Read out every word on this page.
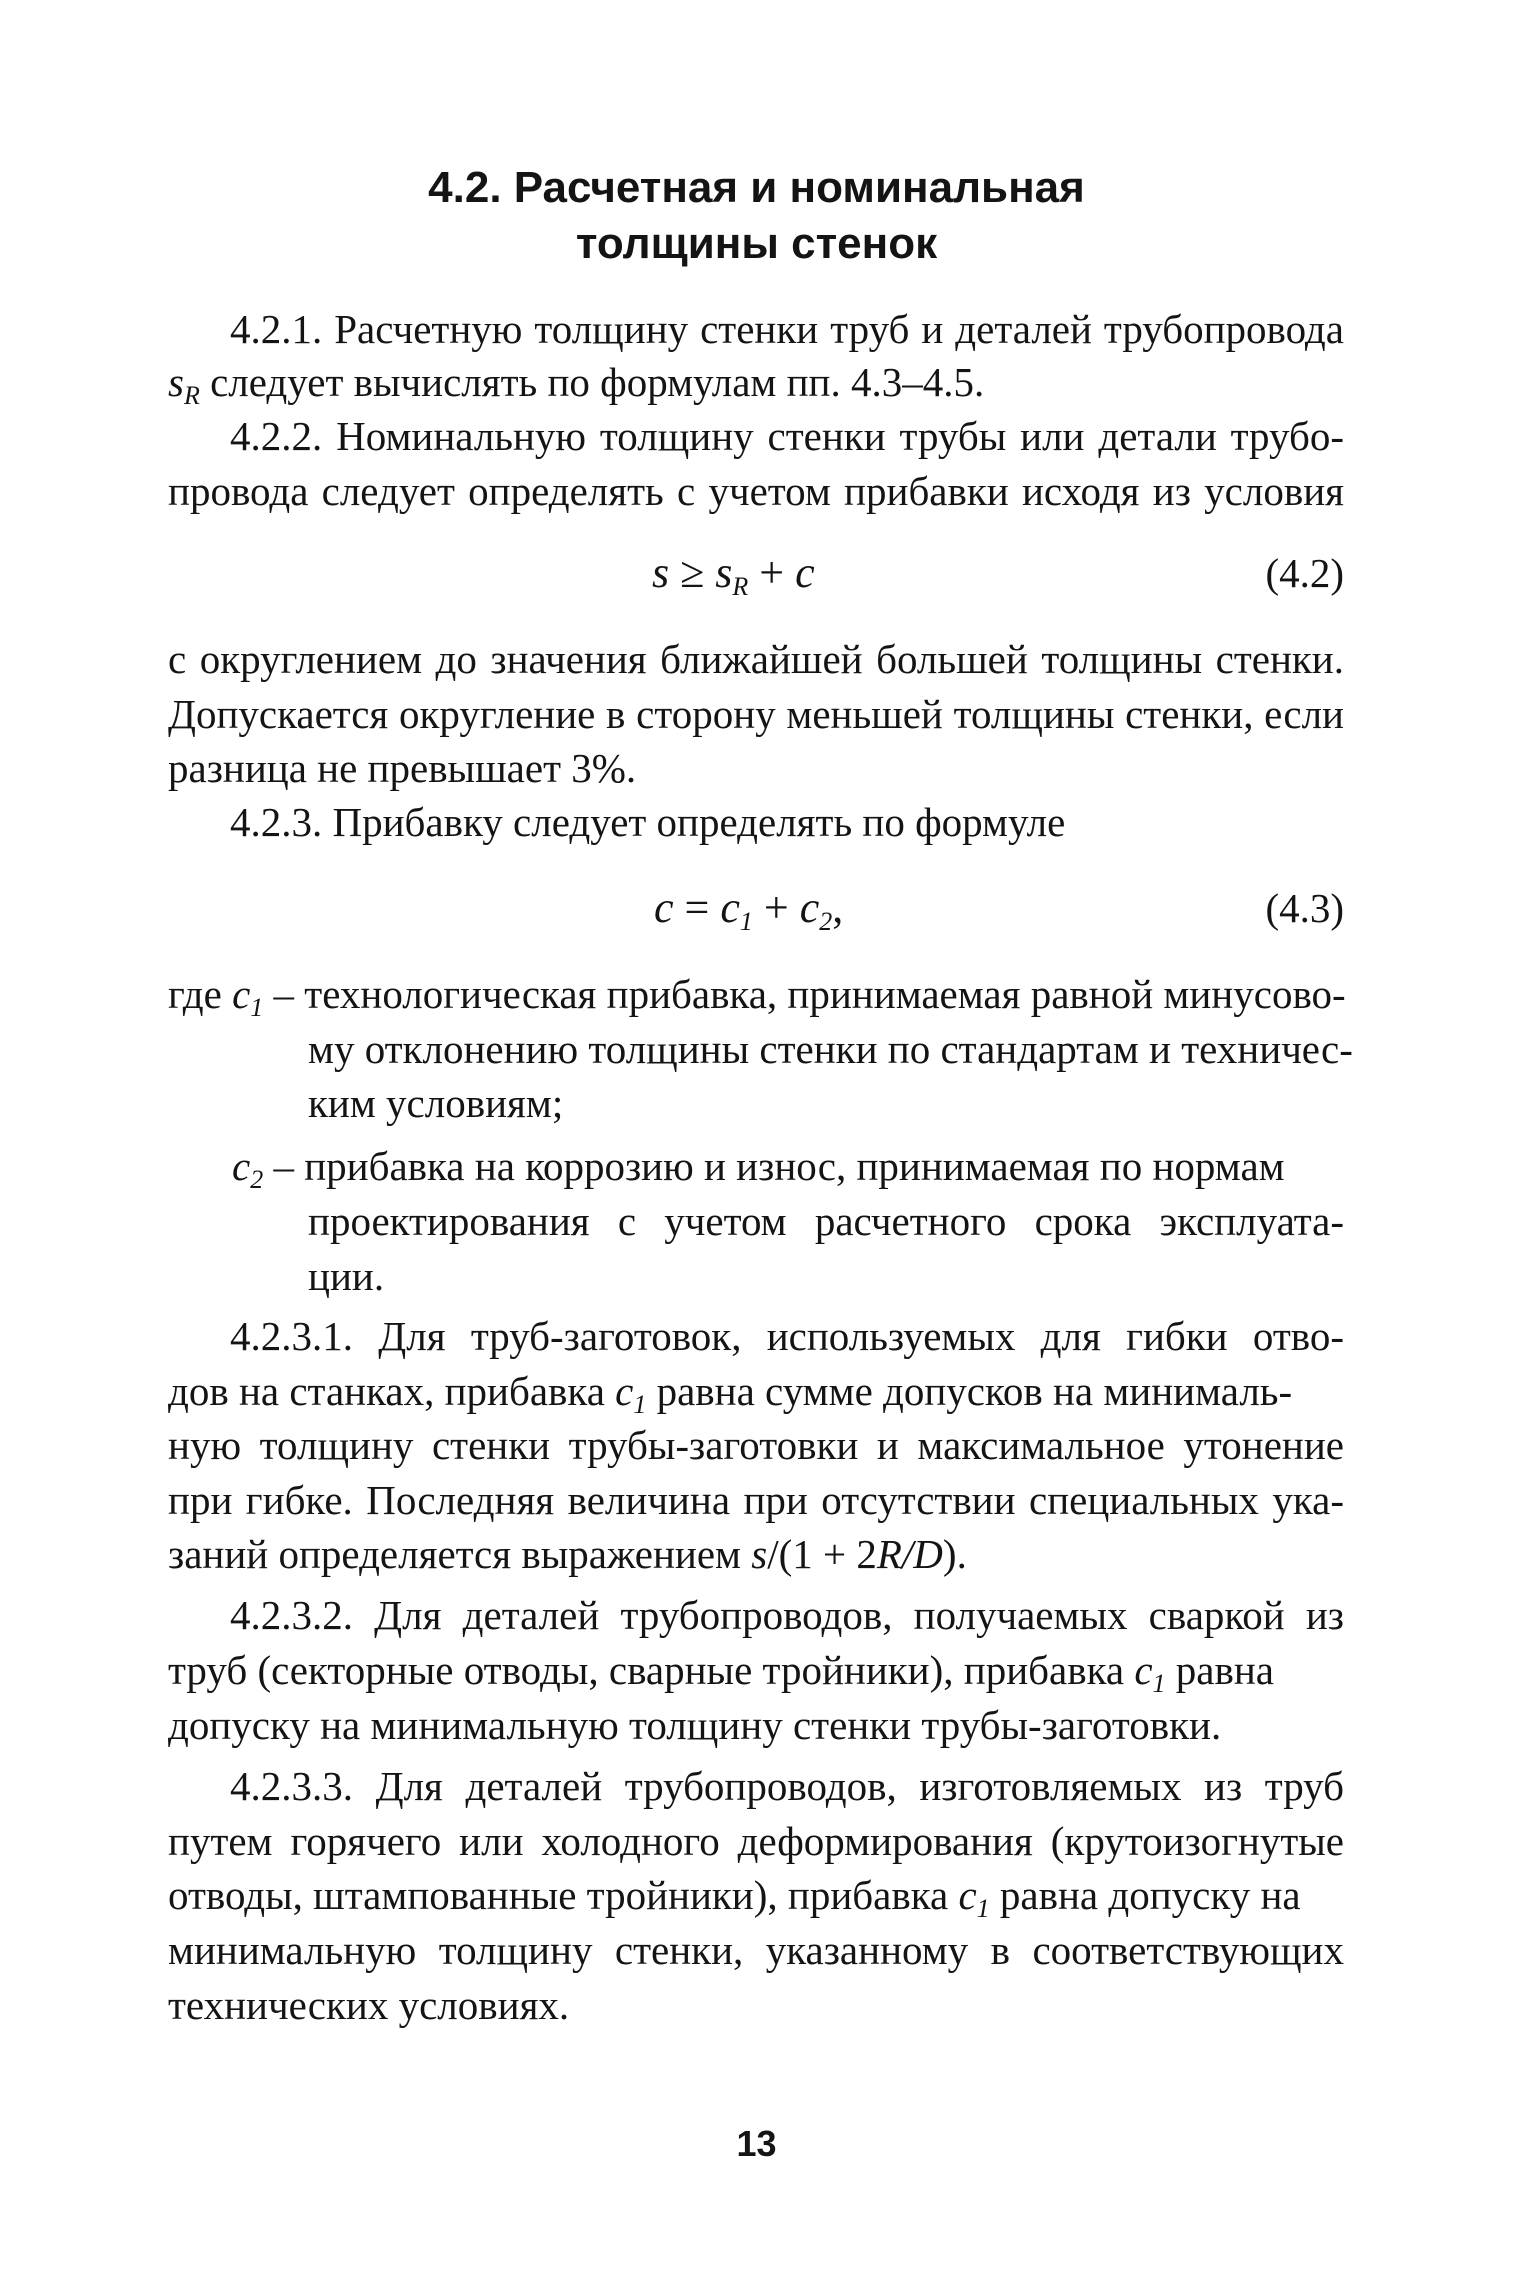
4.2. Расчетная и номинальная
толщины стенок
4.2.1. Расчетную толщину стенки труб и деталей трубопровода
$s_R$ следует вычислять по формулам пп. 4.3–4.5.
4.2.2. Номинальную толщину стенки трубы или детали трубо-
провода следует определять с учетом прибавки исходя из условия
$s \ge s_R + c$	(4.2)
с округлением до значения ближайшей большей толщины стенки.
Допускается округление в сторону меньшей толщины стенки, если
разница не превышает 3%.
4.2.3. Прибавку следует определять по формуле
$c = c_1 + c_2$,	(4.3)
где $c_1$ – технологическая прибавка, принимаемая равной минусово-
му отклонению толщины стенки по стандартам и техничес-
ким условиям;
$c_2$ – прибавка на коррозию и износ, принимаемая по нормам
проектирования с учетом расчетного срока эксплуата-
ции.
4.2.3.1. Для труб-заготовок, используемых для гибки отво-
дов на станках, прибавка $c_1$ равна сумме допусков на минималь-
ную толщину стенки трубы-заготовки и максимальное утонение
при гибке. Последняя величина при отсутствии специальных ука-
заний определяется выражением s/(1 + 2R/D).
4.2.3.2. Для деталей трубопроводов, получаемых сваркой из
труб (секторные отводы, сварные тройники), прибавка $c_1$ равна
допуску на минимальную толщину стенки трубы-заготовки.
4.2.3.3. Для деталей трубопроводов, изготовляемых из труб
путем горячего или холодного деформирования (крутоизогнутые
отводы, штампованные тройники), прибавка $c_1$ равна допуску на
минимальную толщину стенки, указанному в соответствующих
технических условиях.
13
